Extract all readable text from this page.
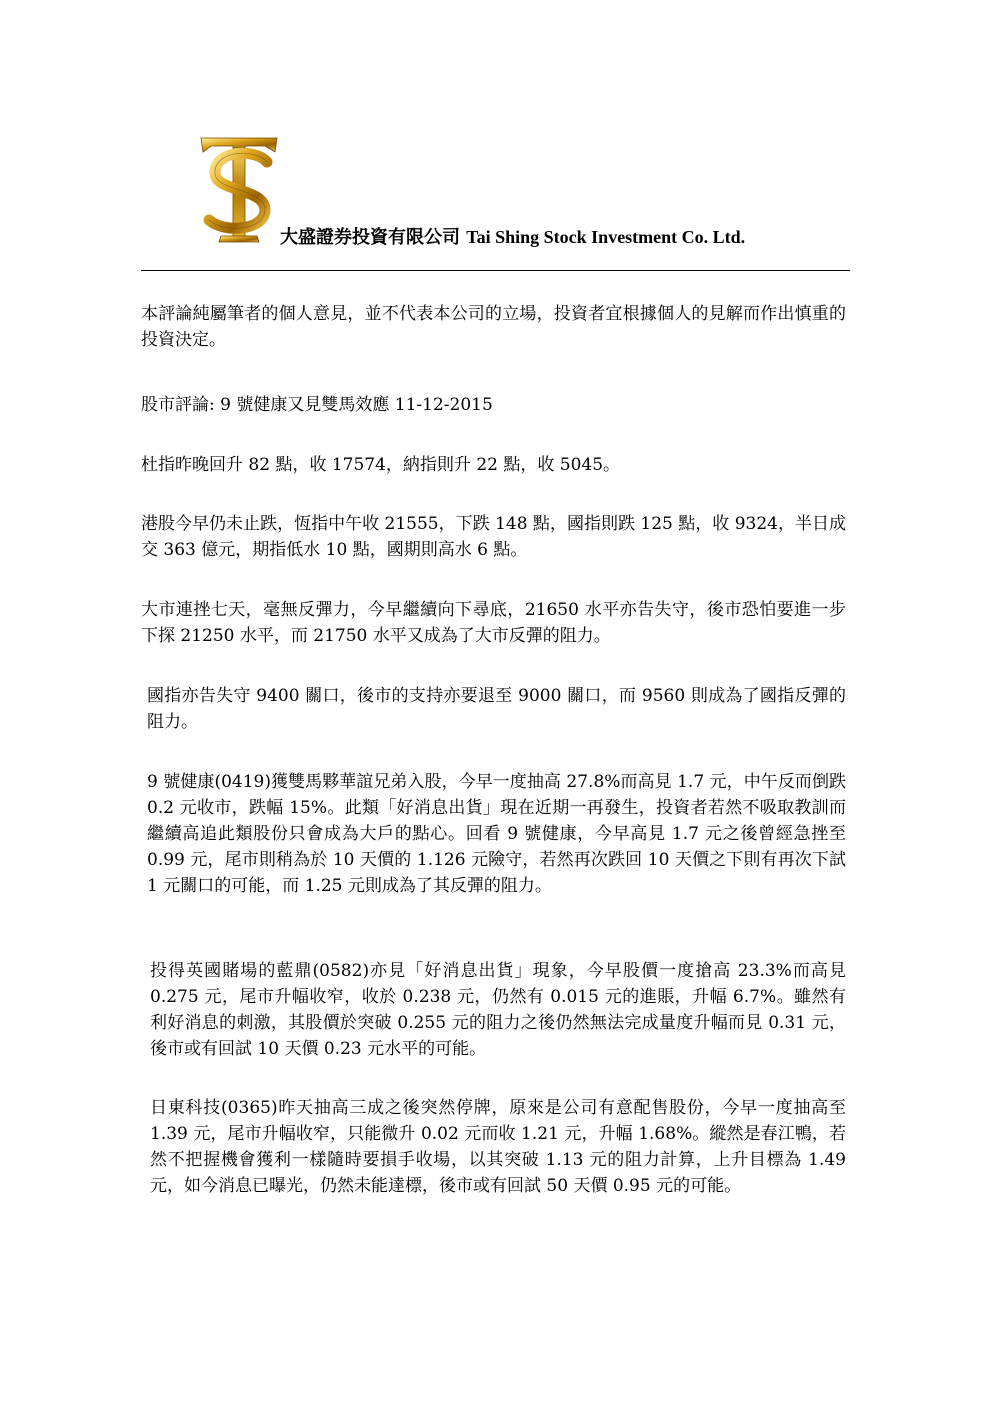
大盛證券投資有限公司 Tai Shing Stock Investment Co. Ltd.
本評論純屬筆者的個人意見，並不代表本公司的立場，投資者宜根據個人的見解而作出慎重的投資決定。
股市評論: 9 號健康又見雙馬效應 11-12-2015
杜指昨晚回升 82 點，收 17574，納指則升 22 點，收 5045。
港股今早仍未止跌，恆指中午收 21555，下跌 148 點，國指則跌 125 點，收 9324，半日成交 363 億元，期指低水 10 點，國期則高水 6 點。
大市連挫七天，毫無反彈力，今早繼續向下尋底，21650 水平亦告失守，後市恐怕要進一步下探 21250 水平，而 21750 水平又成為了大市反彈的阻力。
國指亦告失守 9400 關口，後市的支持亦要退至 9000 關口，而 9560 則成為了國指反彈的阻力。
9 號健康(0419)獲雙馬夥華誼兄弟入股，今早一度抽高 27.8%而高見 1.7 元，中午反而倒跌 0.2 元收市，跌幅 15%。此類「好消息出貨」現在近期一再發生，投資者若然不吸取教訓而繼續高追此類股份只會成為大戶的點心。回看 9 號健康，今早高見 1.7 元之後曾經急挫至 0.99 元，尾市則稍為於 10 天價的 1.126 元險守，若然再次跌回 10 天價之下則有再次下試 1 元關口的可能，而 1.25 元則成為了其反彈的阻力。
投得英國賭場的藍鼎(0582)亦見「好消息出貨」現象，今早股價一度搶高 23.3%而高見 0.275 元，尾市升幅收窄，收於 0.238 元，仍然有 0.015 元的進賬，升幅 6.7%。雖然有利好消息的刺激，其股價於突破 0.255 元的阻力之後仍然無法完成量度升幅而見 0.31 元，後市或有回試 10 天價 0.23 元水平的可能。
日東科技(0365)昨天抽高三成之後突然停牌，原來是公司有意配售股份，今早一度抽高至 1.39 元，尾市升幅收窄，只能微升 0.02 元而收 1.21 元，升幅 1.68%。縱然是春江鴨，若然不把握機會獲利一樣隨時要損手收場，以其突破 1.13 元的阻力計算，上升目標為 1.49 元，如今消息已曝光，仍然未能達標，後市或有回試 50 天價 0.95 元的可能。
